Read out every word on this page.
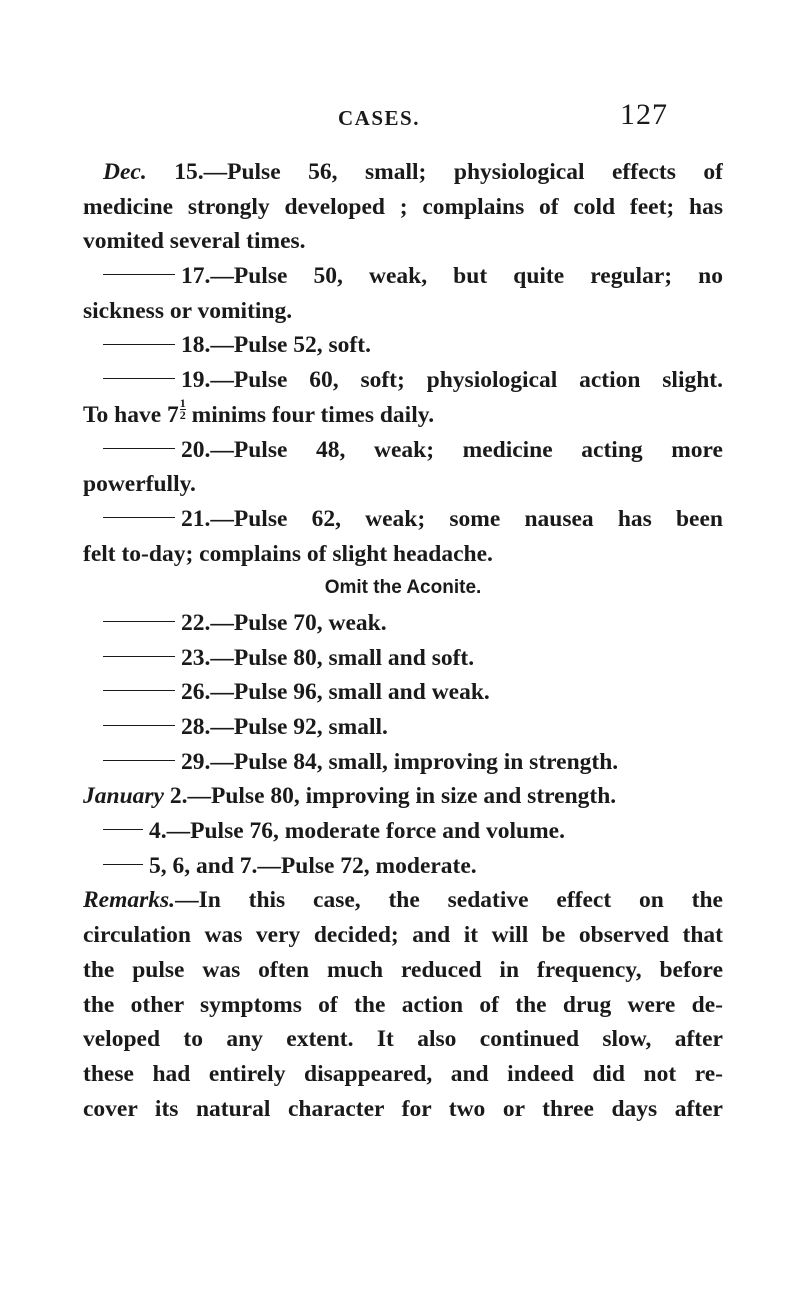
CASES.	127
Dec. 15.—Pulse 56, small; physiological effects of
medicine strongly developed ; complains of cold feet; has
vomited several times.
17.—Pulse 50, weak, but quite regular; no
sickness or vomiting.
18.—Pulse 52, soft.
19.—Pulse 60, soft; physiological action slight.
To have $7 \frac{1}{2}$ minims four times daily.
20.—Pulse 48, weak; medicine acting more
powerfully.
21.—Pulse 62, weak; some nausea has been
felt to-day; complains of slight headache.
Omit the Aconite.
22.—Pulse 70, weak.
23.—Pulse 80, small and soft.
26.—Pulse 96, small and weak.
28.—Pulse 92, small.
29.—Pulse 84, small, improving in strength.
January 2.—Pulse 80, improving in size and strength.
4.—Pulse 76, moderate force and volume.
5, 6, and 7.—Pulse 72, moderate.
Remarks.—In this case, the sedative effect on the
circulation was very decided; and it will be observed that
the pulse was often much reduced in frequency, before
the other symptoms of the action of the drug were de-
veloped to any extent. It also continued slow, after
these had entirely disappeared, and indeed did not re-
cover its natural character for two or three days after
